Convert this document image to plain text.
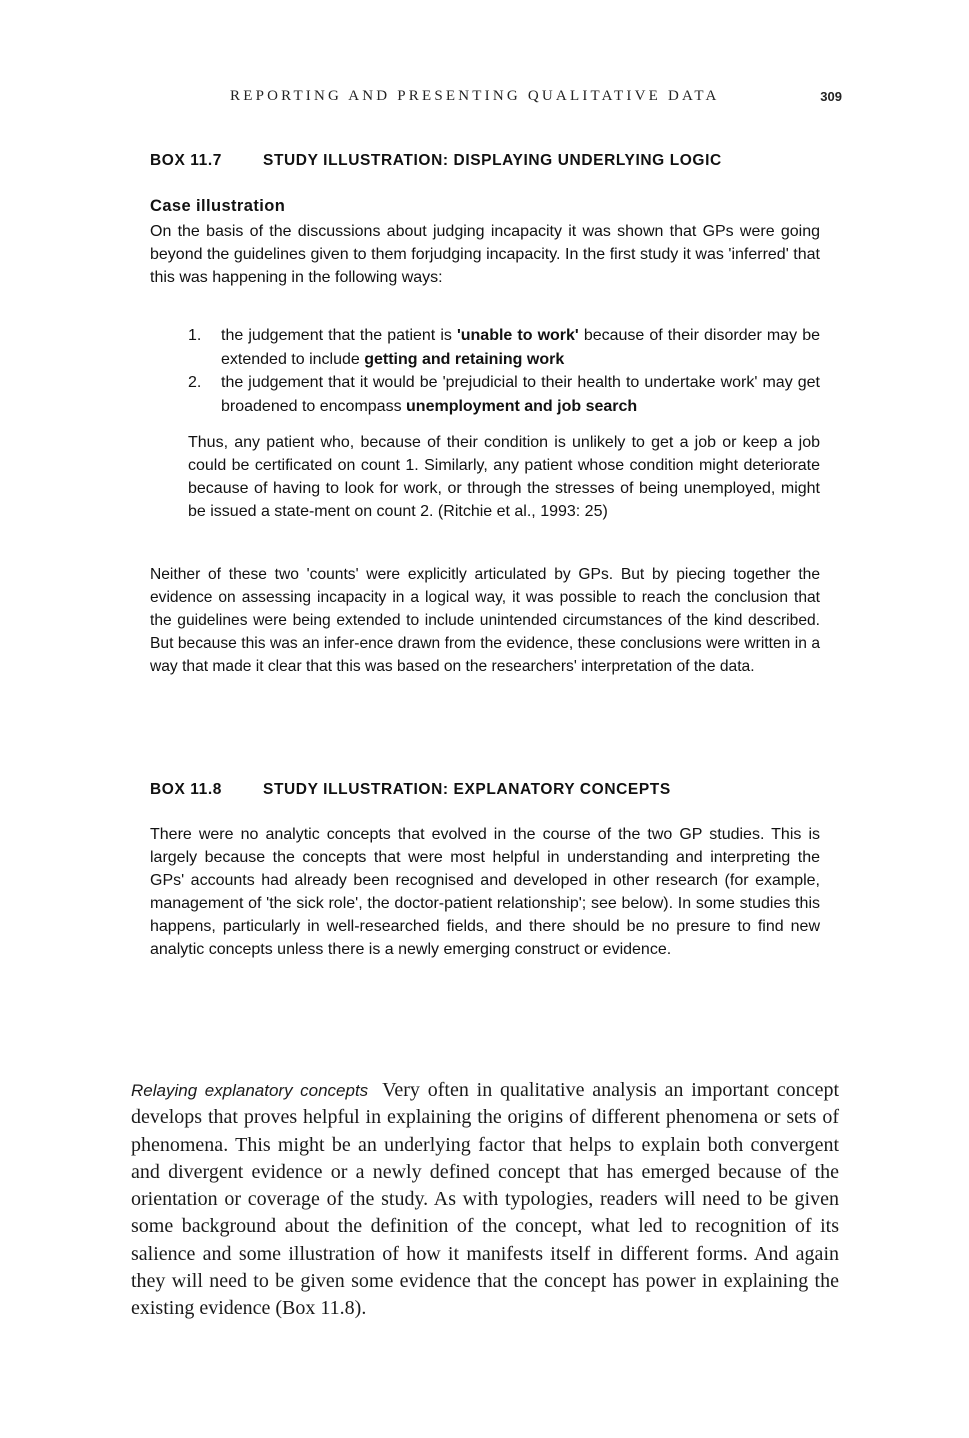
REPORTING AND PRESENTING QUALITATIVE DATA	309
BOX 11.7	STUDY ILLUSTRATION: DISPLAYING UNDERLYING LOGIC
Case illustration
On the basis of the discussions about judging incapacity it was shown that GPs were going beyond the guidelines given to them forjudging incapacity. In the first study it was 'inferred' that this was happening in the following ways:
1. the judgement that the patient is 'unable to work' because of their disorder may be extended to include getting and retaining work
2. the judgement that it would be 'prejudicial to their health to undertake work' may get broadened to encompass unemployment and job search
Thus, any patient who, because of their condition is unlikely to get a job or keep a job could be certificated on count 1. Similarly, any patient whose condition might deteriorate because of having to look for work, or through the stresses of being unemployed, might be issued a state-ment on count 2. (Ritchie et al., 1993: 25)
Neither of these two 'counts' were explicitly articulated by GPs. But by piecing together the evidence on assessing incapacity in a logical way, it was possible to reach the conclusion that the guidelines were being extended to include unintended circumstances of the kind described. But because this was an infer-ence drawn from the evidence, these conclusions were written in a way that made it clear that this was based on the researchers' interpretation of the data.
BOX 11.8	STUDY ILLUSTRATION: EXPLANATORY CONCEPTS
There were no analytic concepts that evolved in the course of the two GP studies. This is largely because the concepts that were most helpful in understanding and interpreting the GPs' accounts had already been recognised and developed in other research (for example, management of 'the sick role', the doctor-patient relationship'; see below). In some studies this happens, particularly in well-researched fields, and there should be no presure to find new analytic concepts unless there is a newly emerging construct or evidence.
Relaying explanatory concepts Very often in qualitative analysis an important concept develops that proves helpful in explaining the origins of different phenomena or sets of phenomena. This might be an underlying factor that helps to explain both convergent and divergent evidence or a newly defined concept that has emerged because of the orientation or coverage of the study. As with typologies, readers will need to be given some background about the definition of the concept, what led to recognition of its salience and some illustration of how it manifests itself in different forms. And again they will need to be given some evidence that the concept has power in explaining the existing evidence (Box 11.8).
